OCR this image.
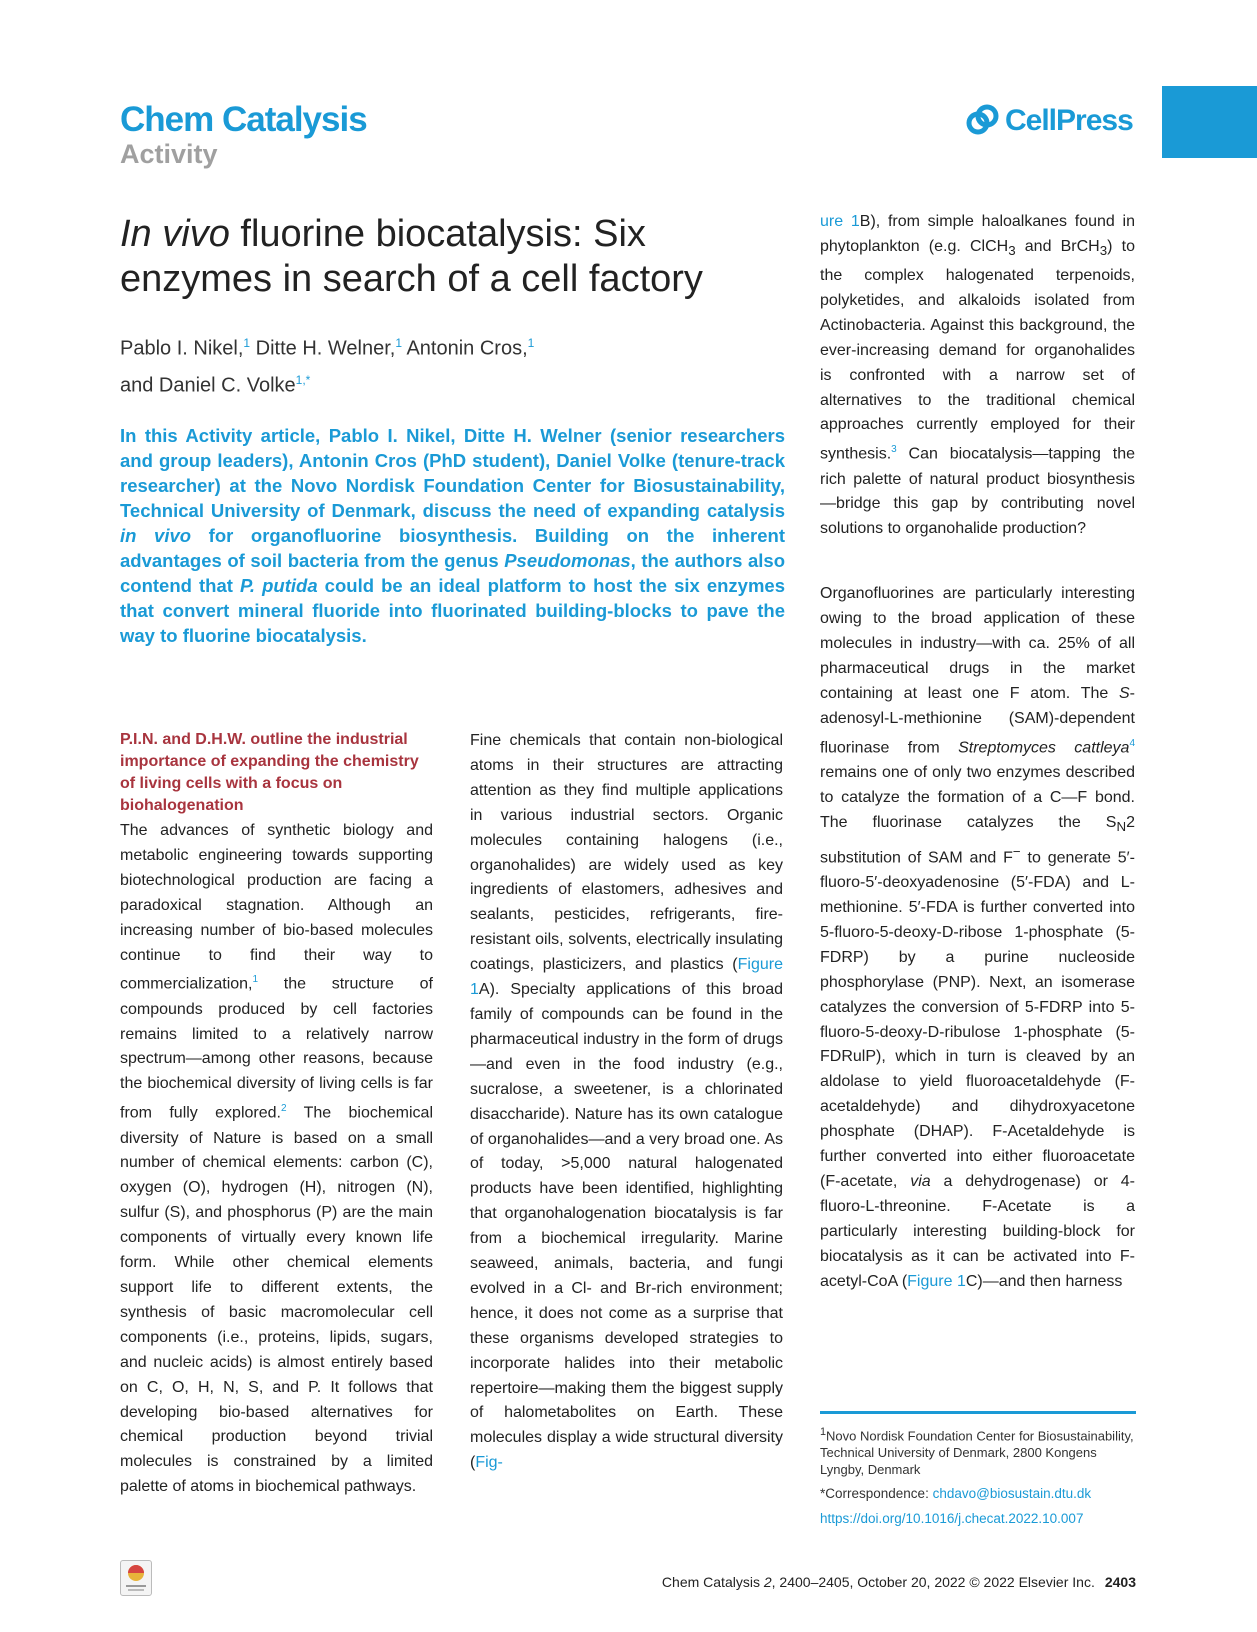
Chem Catalysis
Activity
CellPress
In vivo fluorine biocatalysis: Six enzymes in search of a cell factory
Pablo I. Nikel,$^1$ Ditte H. Welner,$^1$ Antonin Cros,$^1$
and Daniel C. Volke$^{1,*}$
In this Activity article, Pablo I. Nikel, Ditte H. Welner (senior researchers and group leaders), Antonin Cros (PhD student), Daniel Volke (tenure-track researcher) at the Novo Nordisk Foundation Center for Biosustainability, Technical University of Denmark, discuss the need of expanding catalysis in vivo for organofluorine biosynthesis. Building on the inherent advantages of soil bacteria from the genus Pseudomonas, the authors also contend that P. putida could be an ideal platform to host the six enzymes that convert mineral fluoride into fluorinated building-blocks to pave the way to fluorine biocatalysis.
P.I.N. and D.H.W. outline the industrial importance of expanding the chemistry of living cells with a focus on biohalogenation
The advances of synthetic biology and metabolic engineering towards supporting biotechnological production are facing a paradoxical stagnation. Although an increasing number of bio-based molecules continue to find their way to commercialization,$^1$ the structure of compounds produced by cell factories remains limited to a relatively narrow spectrum—among other reasons, because the biochemical diversity of living cells is far from fully explored.$^2$ The biochemical diversity of Nature is based on a small number of chemical elements: carbon (C), oxygen (O), hydrogen (H), nitrogen (N), sulfur (S), and phosphorus (P) are the main components of virtually every known life form. While other chemical elements support life to different extents, the synthesis of basic macromolecular cell components (i.e., proteins, lipids, sugars, and nucleic acids) is almost entirely based on C, O, H, N, S, and P. It follows that developing bio-based alternatives for chemical production beyond trivial molecules is constrained by a limited palette of atoms in biochemical pathways.
Fine chemicals that contain non-biological atoms in their structures are attracting attention as they find multiple applications in various industrial sectors. Organic molecules containing halogens (i.e., organohalides) are widely used as key ingredients of elastomers, adhesives and sealants, pesticides, refrigerants, fire-resistant oils, solvents, electrically insulating coatings, plasticizers, and plastics (Figure 1A). Specialty applications of this broad family of compounds can be found in the pharmaceutical industry in the form of drugs—and even in the food industry (e.g., sucralose, a sweetener, is a chlorinated disaccharide). Nature has its own catalogue of organohalides—and a very broad one. As of today, >5,000 natural halogenated products have been identified, highlighting that organohalogenation biocatalysis is far from a biochemical irregularity. Marine seaweed, animals, bacteria, and fungi evolved in a Cl- and Br-rich environment; hence, it does not come as a surprise that these organisms developed strategies to incorporate halides into their metabolic repertoire—making them the biggest supply of halometabolites on Earth. These molecules display a wide structural diversity (Fig-
ure 1B), from simple haloalkanes found in phytoplankton (e.g. ClCH$_3$ and BrCH$_3$) to the complex halogenated terpenoids, polyketides, and alkaloids isolated from Actinobacteria. Against this background, the ever-increasing demand for organohalides is confronted with a narrow set of alternatives to the traditional chemical approaches currently employed for their synthesis.$^3$ Can biocatalysis—tapping the rich palette of natural product biosynthesis—bridge this gap by contributing novel solutions to organohalide production?
Organofluorines are particularly interesting owing to the broad application of these molecules in industry—with ca. 25% of all pharmaceutical drugs in the market containing at least one F atom. The S-adenosyl-L-methionine (SAM)-dependent fluorinase from Streptomyces cattleya$^4$ remains one of only two enzymes described to catalyze the formation of a C—F bond. The fluorinase catalyzes the $S_N2$ substitution of SAM and F− to generate 5′-fluoro-5′-deoxyadenosine (5′-FDA) and L-methionine. 5′-FDA is further converted into 5-fluoro-5-deoxy-D-ribose 1-phosphate (5-FDRP) by a purine nucleoside phosphorylase (PNP). Next, an isomerase catalyzes the conversion of 5-FDRP into 5-fluoro-5-deoxy-D-ribulose 1-phosphate (5-FDRulP), which in turn is cleaved by an aldolase to yield fluoroacetaldehyde (F-acetaldehyde) and dihydroxyacetone phosphate (DHAP). F-Acetaldehyde is further converted into either fluoroacetate (F-acetate, via a dehydrogenase) or 4-fluoro-L-threonine. F-Acetate is a particularly interesting building-block for biocatalysis as it can be activated into F-acetyl-CoA (Figure 1C)—and then harness
$^1$Novo Nordisk Foundation Center for Biosustainability, Technical University of Denmark, 2800 Kongens Lyngby, Denmark
*Correspondence: chdavo@biosustain.dtu.dk
https://doi.org/10.1016/j.checat.2022.10.007
Chem Catalysis 2, 2400–2405, October 20, 2022 © 2022 Elsevier Inc. 2403
